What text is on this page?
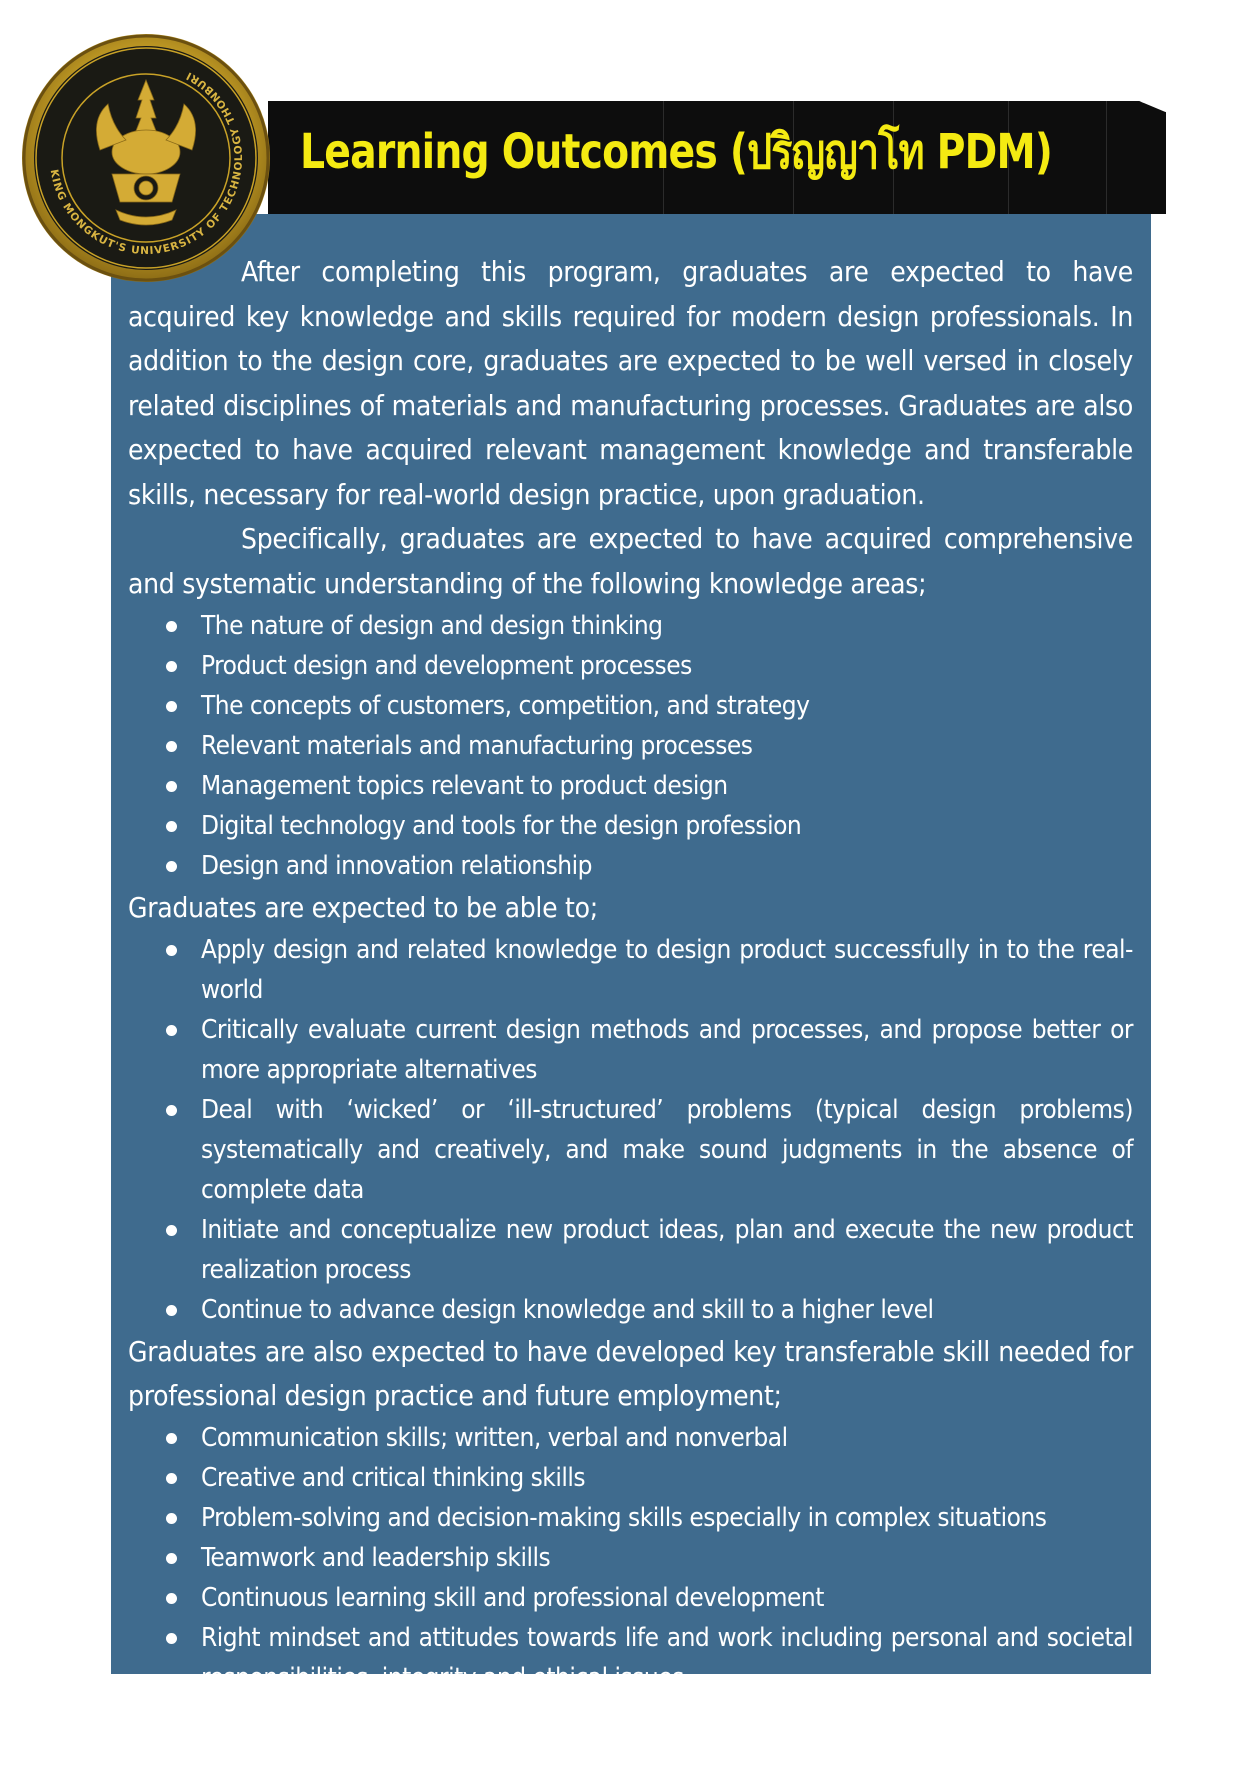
Learning Outcomes (ปริญญาโท PDM)
KING MONGKUT'S UNIVERSITY OF TECHNOLOGY THONBURI

After completing this program, graduates are expected to have acquired key knowledge and skills required for modern design professionals. In addition to the design core, graduates are expected to be well versed in closely related disciplines of materials and manufacturing processes. Graduates are also expected to have acquired relevant management knowledge and transferable skills, necessary for real-world design practice, upon graduation.

Specifically, graduates are expected to have acquired comprehensive and systematic understanding of the following knowledge areas;

The nature of design and design thinking
Product design and development processes
The concepts of customers, competition, and strategy
Relevant materials and manufacturing processes
Management topics relevant to product design
Digital technology and tools for the design profession
Design and innovation relationship

Graduates are expected to be able to;

Apply design and related knowledge to design product successfully in to the real-world
Critically evaluate current design methods and processes, and propose better or more appropriate alternatives
Deal with ‘wicked’ or ‘ill-structured’ problems (typical design problems) systematically and creatively, and make sound judgments in the absence of complete data
Initiate and conceptualize new product ideas, plan and execute the new product realization process
Continue to advance design knowledge and skill to a higher level

Graduates are also expected to have developed key transferable skill needed for professional design practice and future employment;

Communication skills; written, verbal and nonverbal
Creative and critical thinking skills
Problem-solving and decision-making skills especially in complex situations
Teamwork and leadership skills
Continuous learning skill and professional development
Right mindset and attitudes towards life and work including personal and societal responsibilities, integrity and ethical issues
